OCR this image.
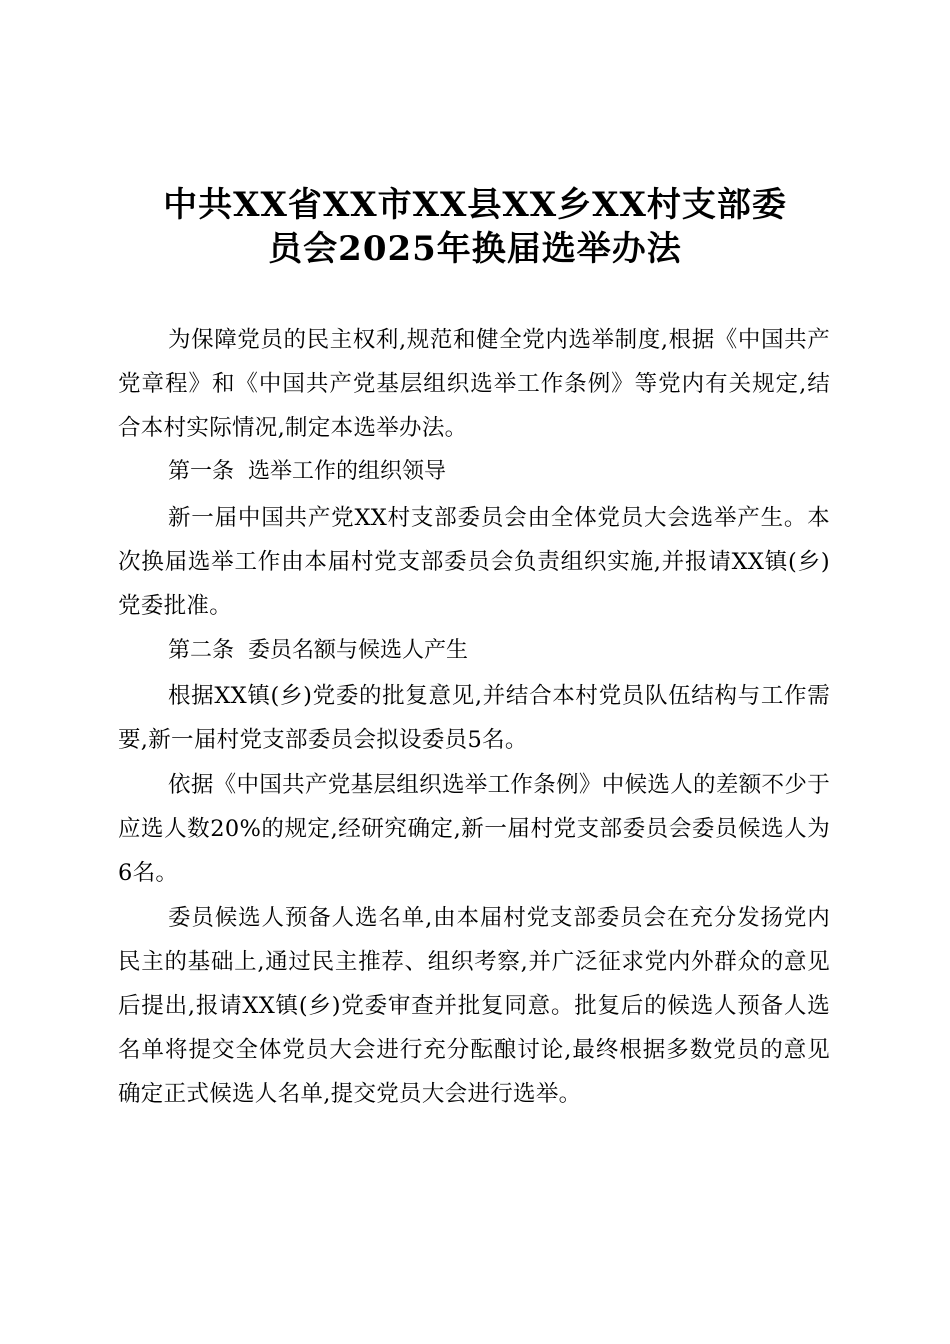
中共XX省XX市XX县XX乡XX村支部委
员会2025年换届选举办法

为保障党员的民主权利,规范和健全党内选举制度,根据《中国共产党章程》和《中国共产党基层组织选举工作条例》等党内有关规定,结合本村实际情况,制定本选举办法。

第一条 选举工作的组织领导

新一届中国共产党XX村支部委员会由全体党员大会选举产生。本次换届选举工作由本届村党支部委员会负责组织实施,并报请XX镇(乡)党委批准。

第二条 委员名额与候选人产生

根据XX镇(乡)党委的批复意见,并结合本村党员队伍结构与工作需要,新一届村党支部委员会拟设委员5名。

依据《中国共产党基层组织选举工作条例》中候选人的差额不少于应选人数20%的规定,经研究确定,新一届村党支部委员会委员候选人为6名。

委员候选人预备人选名单,由本届村党支部委员会在充分发扬党内民主的基础上,通过民主推荐、组织考察,并广泛征求党内外群众的意见后提出,报请XX镇(乡)党委审查并批复同意。批复后的候选人预备人选名单将提交全体党员大会进行充分酝酿讨论,最终根据多数党员的意见确定正式候选人名单,提交党员大会进行选举。
